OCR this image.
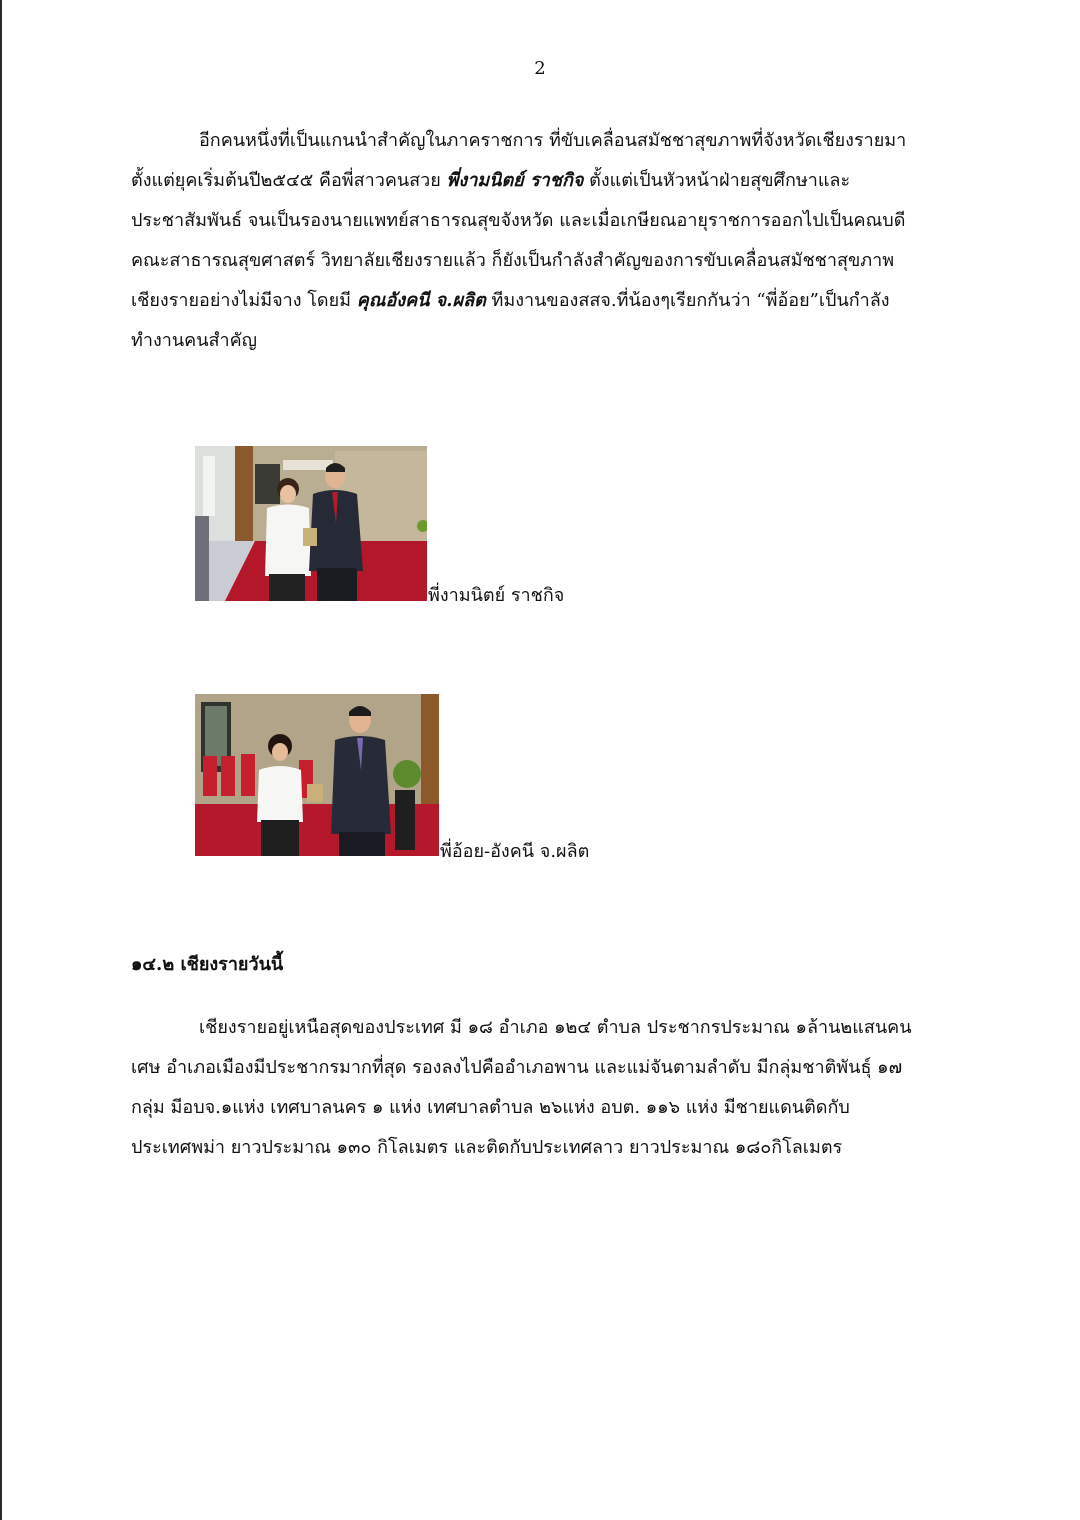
2

อีกคนหนึ่งที่เป็นแกนนำสำคัญในภาคราชการ ที่ขับเคลื่อนสมัชชาสุขภาพที่จังหวัดเชียงรายมา

ตั้งแต่ยุคเริ่มต้นปี๒๕๔๕ คือพี่สาวคนสวย พี่งามนิตย์ ราชกิจ ตั้งแต่เป็นหัวหน้าฝ่ายสุขศึกษาและ

ประชาสัมพันธ์ จนเป็นรองนายแพทย์สาธารณสุขจังหวัด และเมื่อเกษียณอายุราชการออกไปเป็นคณบดี

คณะสาธารณสุขศาสตร์ วิทยาลัยเชียงรายแล้ว ก็ยังเป็นกำลังสำคัญของการขับเคลื่อนสมัชชาสุขภาพ

เชียงรายอย่างไม่มีจาง โดยมี คุณอังคนี จ.ผลิต ทีมงานของสสจ.ที่น้องๆเรียกกันว่า “พี่อ้อย”เป็นกำลัง

ทำงานคนสำคัญ

พี่งามนิตย์ ราชกิจ
พี่อ้อย-อังคนี จ.ผลิต
๑๔.๒ เชียงรายวันนี้

เชียงรายอยู่เหนือสุดของประเทศ มี ๑๘ อำเภอ ๑๒๔ ตำบล ประชากรประมาณ ๑ล้าน๒แสนคน

เศษ อำเภอเมืองมีประชากรมากที่สุด รองลงไปคืออำเภอพาน และแม่จันตามลำดับ มีกลุ่มชาติพันธุ์ ๑๗

กลุ่ม มีอบจ.๑แห่ง เทศบาลนคร ๑ แห่ง เทศบาลตำบล ๒๖แห่ง อบต. ๑๑๖ แห่ง มีชายแดนติดกับ

ประเทศพม่า ยาวประมาณ ๑๓๐ กิโลเมตร และติดกับประเทศลาว ยาวประมาณ ๑๘๐กิโลเมตร
